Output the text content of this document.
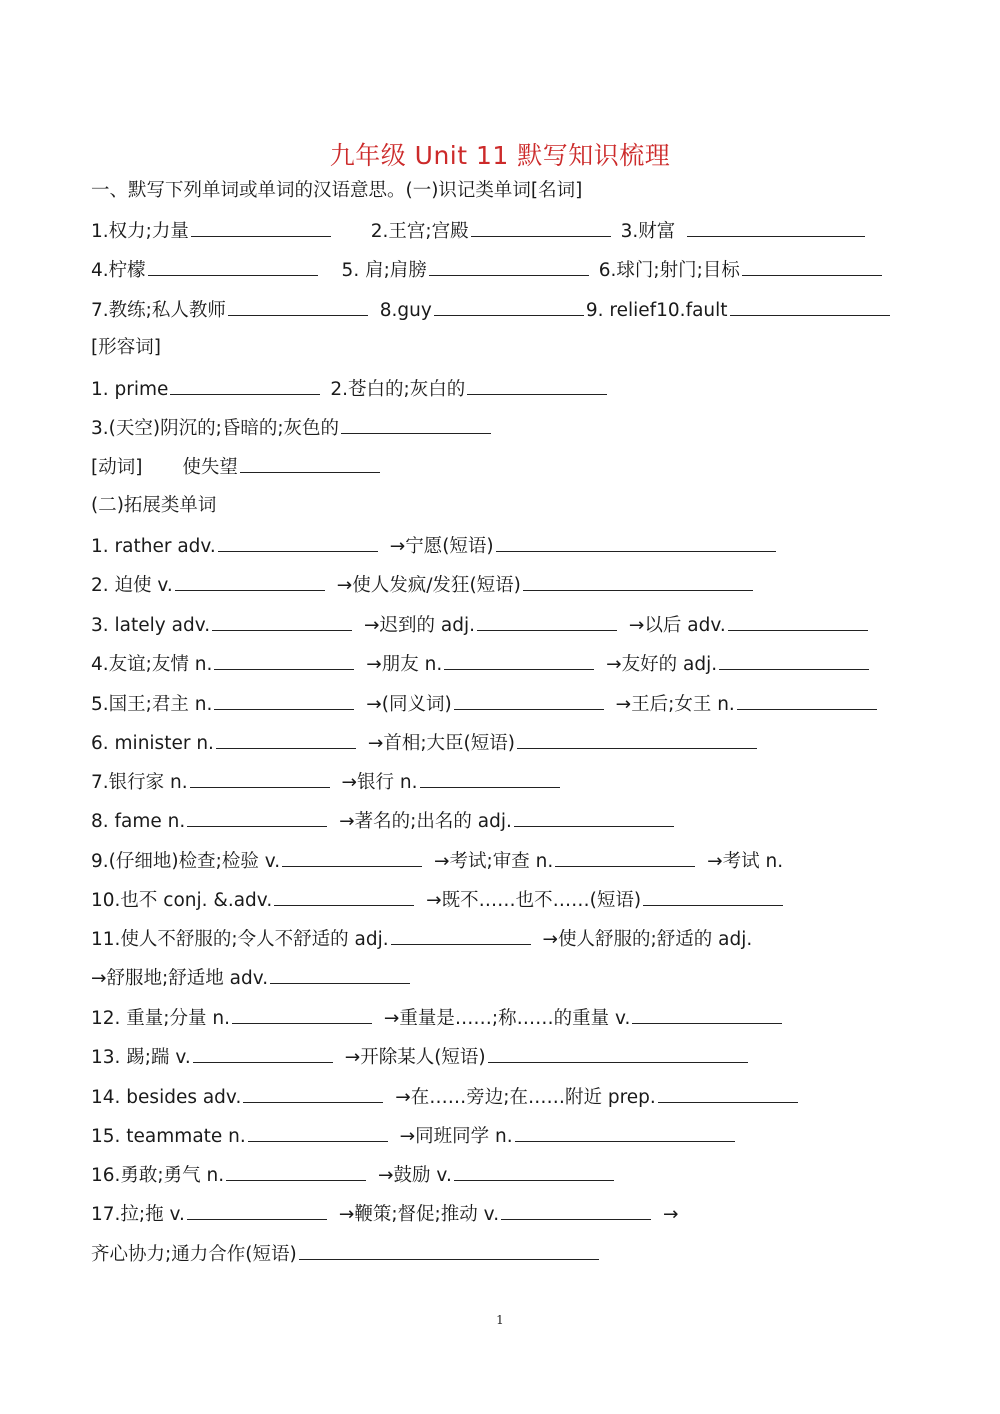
九年级 Unit 11 默写知识梳理
一、默写下列单词或单词的汉语意思。(一)识记类单词[名词]
1.权力;力量	2.王宫;宫殿	3.财富
4.柠檬	5. 肩;肩膀	6.球门;射门;目标
7.教练;私人教师	8.guy	9. relief10.fault
[形容词]
1. prime	2.苍白的;灰白的
3.(天空)阴沉的;昏暗的;灰色的
[动词] 使失望
(二)拓展类单词
1. rather adv.	→宁愿(短语)
2. 迫使 v.	→使人发疯/发狂(短语)
3. lately adv.	→迟到的 adj.	→以后 adv.
4.友谊;友情 n.	→朋友 n.	→友好的 adj.
5.国王;君主 n.	→(同义词)	→王后;女王 n.
6. minister n.	→首相;大臣(短语)
7.银行家 n.	→银行 n.
8. fame n.	→著名的;出名的 adj.
9.(仔细地)检查;检验 v.	→考试;审查 n.	→考试 n.
10.也不 conj. &.adv.	→既不……也不……(短语)
11.使人不舒服的;令人不舒适的 adj.	→使人舒服的;舒适的 adj.
→舒服地;舒适地 adv.
12. 重量;分量 n.	→重量是……;称……的重量 v.
13. 踢;踹 v.	→开除某人(短语)
14. besides adv.	→在……旁边;在……附近 prep.
15. teammate n.	→同班同学 n.
16.勇敢;勇气 n.	→鼓励 v.
17.拉;拖 v.	→鞭策;督促;推动 v.	→
齐心协力;通力合作(短语)
1
